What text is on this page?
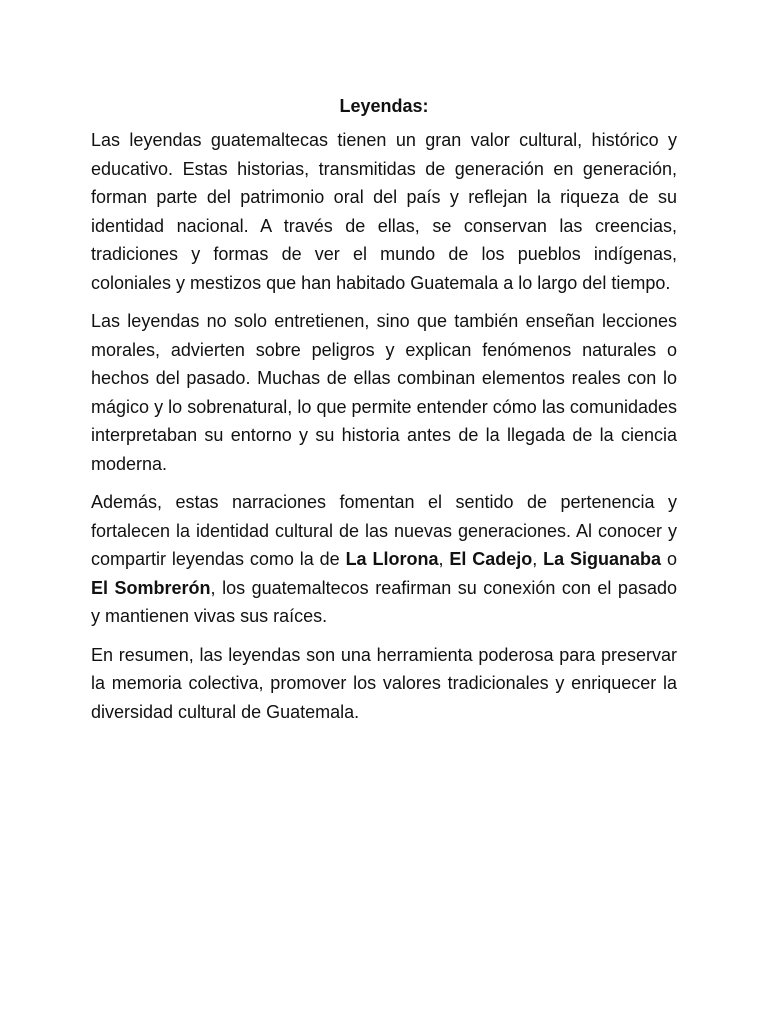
Leyendas:

Las leyendas guatemaltecas tienen un gran valor cultural, histórico y educativo. Estas historias, transmitidas de generación en generación, forman parte del patrimonio oral del país y reflejan la riqueza de su identidad nacional. A través de ellas, se conservan las creencias, tradiciones y formas de ver el mundo de los pueblos indígenas, coloniales y mestizos que han habitado Guatemala a lo largo del tiempo.

Las leyendas no solo entretienen, sino que también enseñan lecciones morales, advierten sobre peligros y explican fenómenos naturales o hechos del pasado. Muchas de ellas combinan elementos reales con lo mágico y lo sobrenatural, lo que permite entender cómo las comunidades interpretaban su entorno y su historia antes de la llegada de la ciencia moderna.

Además, estas narraciones fomentan el sentido de pertenencia y fortalecen la identidad cultural de las nuevas generaciones. Al conocer y compartir leyendas como la de La Llorona, El Cadejo, La Siguanaba o El Sombrerón, los guatemaltecos reafirman su conexión con el pasado y mantienen vivas sus raíces.

En resumen, las leyendas son una herramienta poderosa para preservar la memoria colectiva, promover los valores tradicionales y enriquecer la diversidad cultural de Guatemala.
